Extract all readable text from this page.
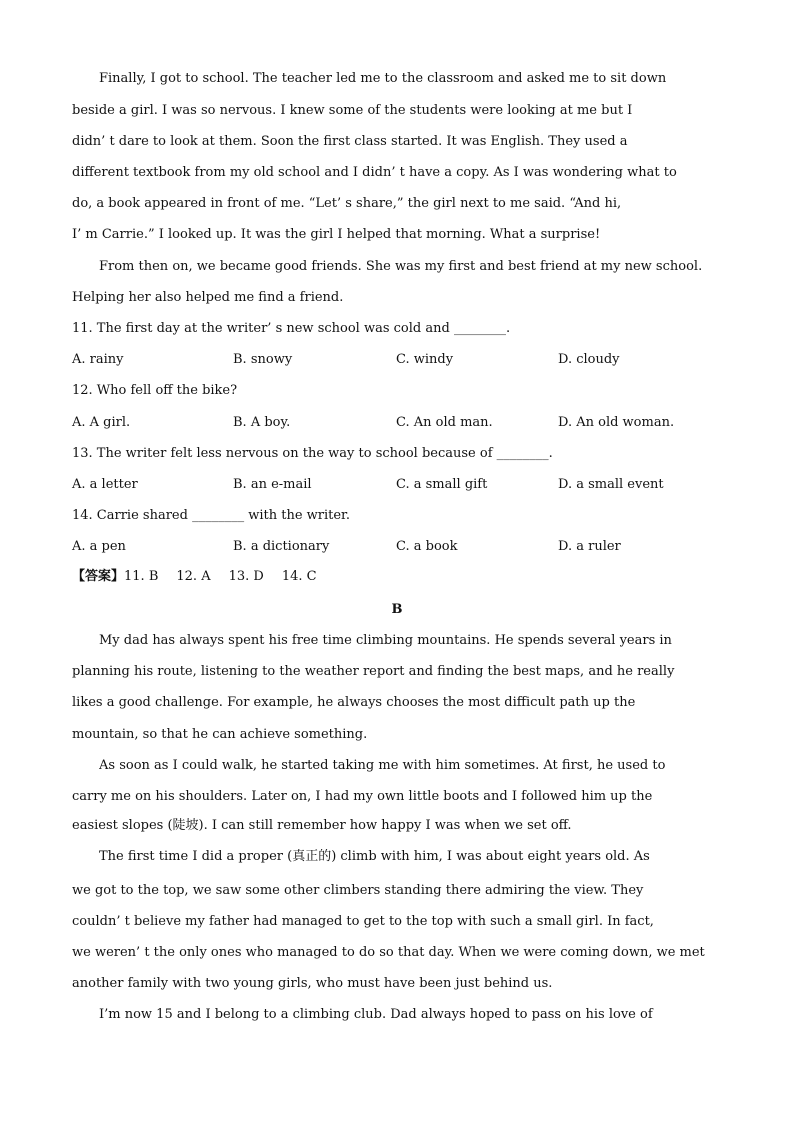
Finally, I got to school. The teacher led me to the classroom and asked me to sit down
beside a girl. I was so nervous. I knew some of the students were looking at me but I
didn’ t dare to look at them. Soon the first class started. It was English. They used a
different textbook from my old school and I didn’ t have a copy. As I was wondering what to
do, a book appeared in front of me. “Let’ s share,” the girl next to me said. “And hi,
I’ m Carrie.” I looked up. It was the girl I helped that morning. What a surprise!
From then on, we became good friends. She was my first and best friend at my new school.
Helping her also helped me find a friend.
11. The first day at the writer’ s new school was cold and ________.
A. rainy	B. snowy	C. windy	D. cloudy
12. Who fell off the bike?
A. A girl.	B. A boy.	C. An old man.	D. An old woman.
13. The writer felt less nervous on the way to school because of ________.
A. a letter	B. an e-mail	C. a small gift	D. a small event
14. Carrie shared ________ with the writer.
A. a pen	B. a dictionary	C. a book	D. a ruler
【答案】11. B 12. A 13. D 14. C
B
My dad has always spent his free time climbing mountains. He spends several years in
planning his route, listening to the weather report and finding the best maps, and he really
likes a good challenge. For example, he always chooses the most difficult path up the
mountain, so that he can achieve something.
As soon as I could walk, he started taking me with him sometimes. At first, he used to
carry me on his shoulders. Later on, I had my own little boots and I followed him up the
easiest slopes (陡坡). I can still remember how happy I was when we set off.
The first time I did a proper (真正的) climb with him, I was about eight years old. As
we got to the top, we saw some other climbers standing there admiring the view. They
couldn’ t believe my father had managed to get to the top with such a small girl. In fact,
we weren’ t the only ones who managed to do so that day. When we were coming down, we met
another family with two young girls, who must have been just behind us.
I’m now 15 and I belong to a climbing club. Dad always hoped to pass on his love of
